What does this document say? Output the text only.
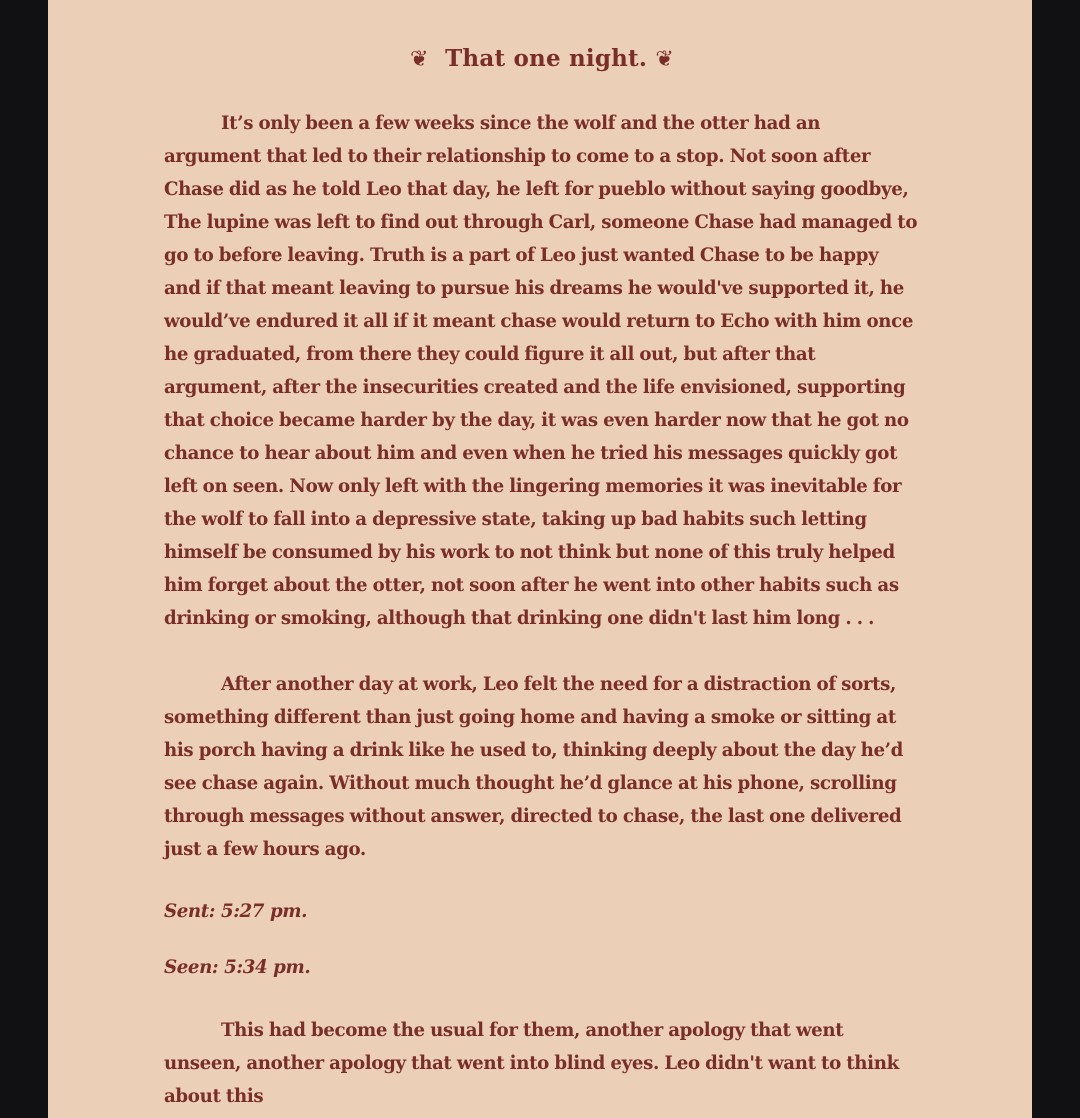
❦ That one night. ❦

It’s only been a few weeks since the wolf and the otter had an argument that led to their relationship to come to a stop. Not soon after Chase did as he told Leo that day, he left for pueblo without saying goodbye, The lupine was left to find out through Carl, someone Chase had managed to go to before leaving. Truth is a part of Leo just wanted Chase to be happy and if that meant leaving to pursue his dreams he would've supported it, he would’ve endured it all if it meant chase would return to Echo with him once he graduated, from there they could figure it all out, but after that argument, after the insecurities created and the life envisioned, supporting that choice became harder by the day, it was even harder now that he got no chance to hear about him and even when he tried his messages quickly got left on seen. Now only left with the lingering memories it was inevitable for the wolf to fall into a depressive state, taking up bad habits such letting himself be consumed by his work to not think but none of this truly helped him forget about the otter, not soon after he went into other habits such as drinking or smoking, although that drinking one didn't last him long . . .

After another day at work, Leo felt the need for a distraction of sorts, something different than just going home and having a smoke or sitting at his porch having a drink like he used to, thinking deeply about the day he’d see chase again. Without much thought he’d glance at his phone, scrolling through messages without answer, directed to chase, the last one delivered just a few hours ago.

Sent: 5:27 pm.

Seen: 5:34 pm.

This had become the usual for them, another apology that went unseen, another apology that went into blind eyes. Leo didn't want to think about this
